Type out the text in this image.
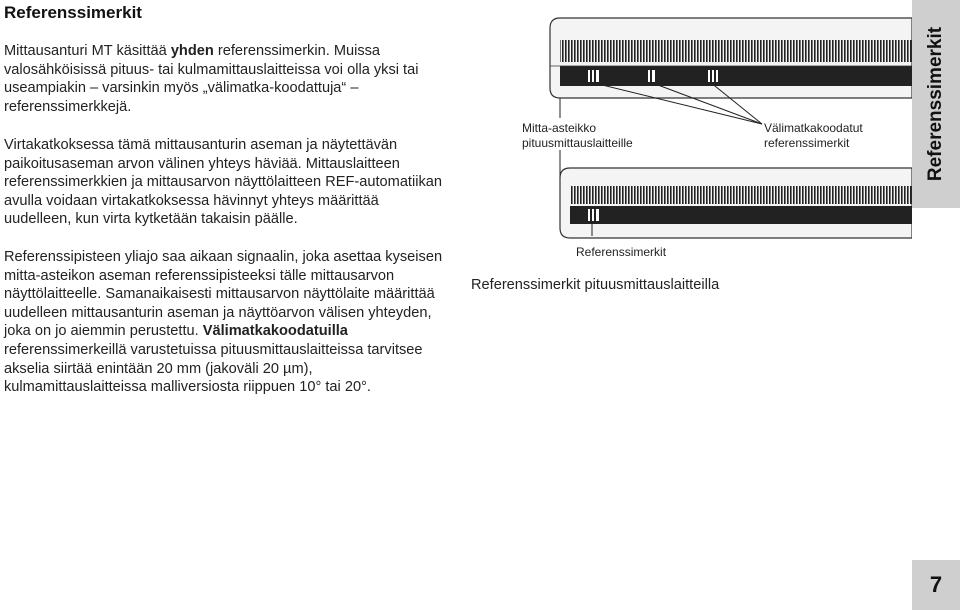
Referenssimerkit

Mittausanturi MT käsittää yhden referenssimerkin. Muissa valosähköisissä pituus- tai kulmamittauslaitteissa voi olla yksi tai useampiakin – varsinkin myös „välimatka-koodattuja“ – referenssimerkkejä.

Virtakatkoksessa tämä mittausanturin aseman ja näytettävän paikoitusaseman arvon välinen yhteys häviää. Mittauslaitteen referenssimerkkien ja mittausarvon näyttölaitteen REF-automatiikan avulla voidaan virtakatkoksessa hävinnyt yhteys määrittää uudelleen, kun virta kytketään takaisin päälle.

Referenssipisteen yliajo saa aikaan signaalin, joka asettaa kyseisen mitta-asteikon aseman referenssipisteeksi tälle mittausarvon näyttölaitteelle. Samanaikaisesti mittausarvon näyttölaite määrittää uudelleen mittausanturin aseman ja näyttöarvon välisen yhteyden, joka on jo aiemmin perustettu. Välimatkakoodatuilla referenssimerkeillä varustetuissa pituusmittauslaitteissa tarvitsee akselia siirtää enintään 20 mm (jakoväli 20 µm), kulmamittauslaitteissa malliversiosta riippuen 10° tai 20°.

Mitta-asteikko
pituusmittauslaitteille
Välimatkakoodatut
referenssimerkit
Referenssimerkit
Referenssimerkit pituusmittauslaitteilla
Referenssimerkit
7
